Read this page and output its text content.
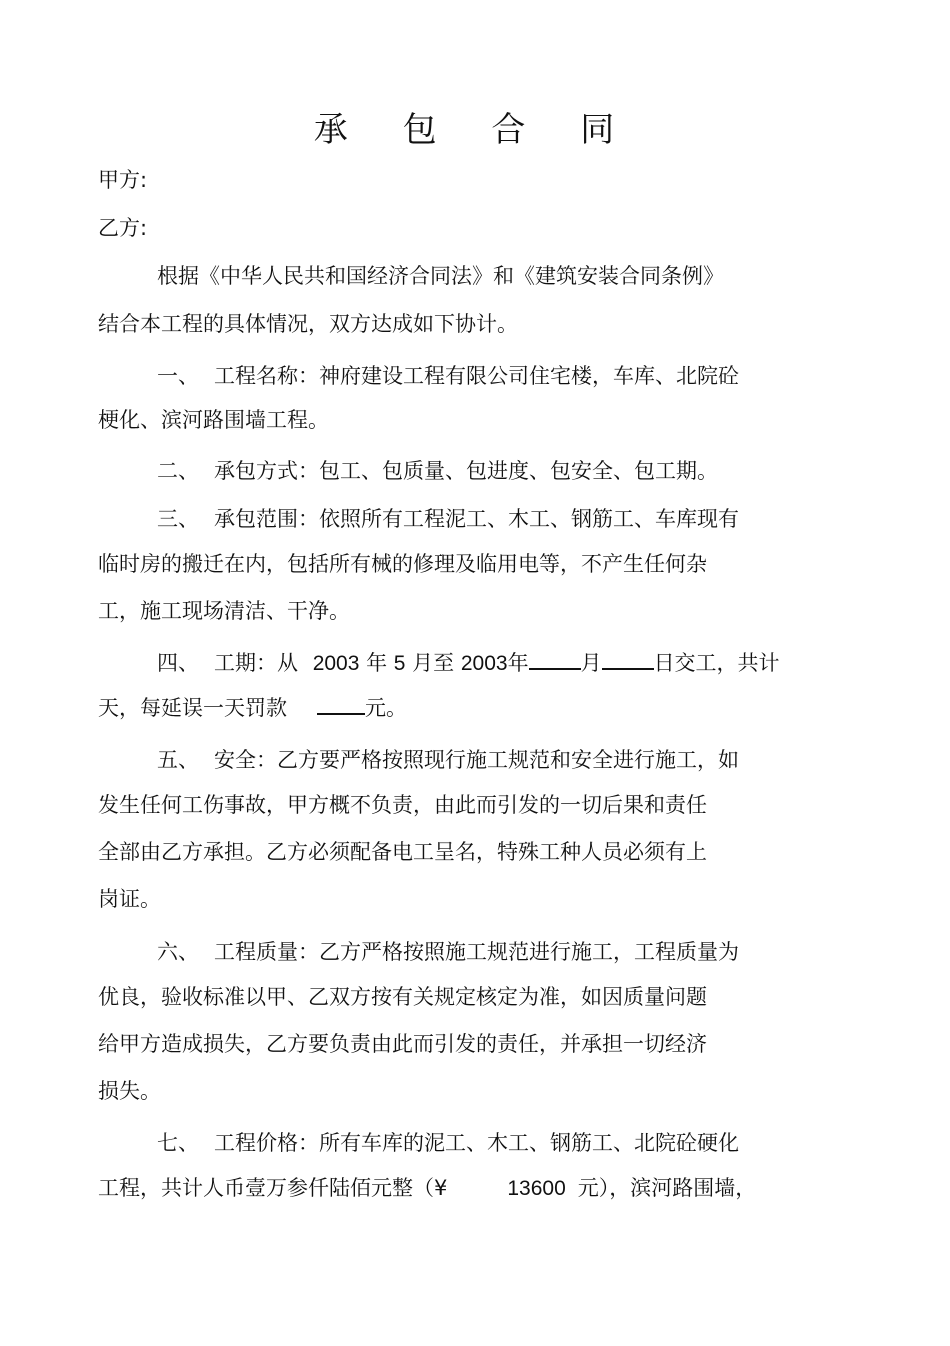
承 包 合 同
甲方:
乙方:
根据《中华人民共和国经济合同法》和《建筑安装合同条例》
结合本工程的具体情况，双方达成如下协计。
一、 工程名称：神府建设工程有限公司住宅楼，车库、北院砼
梗化、滨河路围墙工程。
二、 承包方式：包工、包质量、包进度、包安全、包工期。
三、 承包范围：依照所有工程泥工、木工、钢筋工、车库现有
临时房的搬迁在内，包括所有械的修理及临用电等，不产生任何杂
工，施工现场清洁、干净。
四、 工期：从 2003 年 5 月至 2003年 月 日交工，共计
天，每延误一天罚款	元。
五、 安全：乙方要严格按照现行施工规范和安全进行施工，如
发生任何工伤事故，甲方概不负责，由此而引发的一切后果和责任
全部由乙方承担。乙方必须配备电工呈名，特殊工种人员必须有上
岗证。
六、 工程质量：乙方严格按照施工规范进行施工，工程质量为
优良，验收标准以甲、乙双方按有关规定核定为准，如因质量问题
给甲方造成损失，乙方要负责由此而引发的责任，并承担一切经济
损失。
七、 工程价格：所有车库的泥工、木工、钢筋工、北院砼硬化
工程，共计人币壹万参仟陆佰元整（¥	13600 元），滨河路围墙，
